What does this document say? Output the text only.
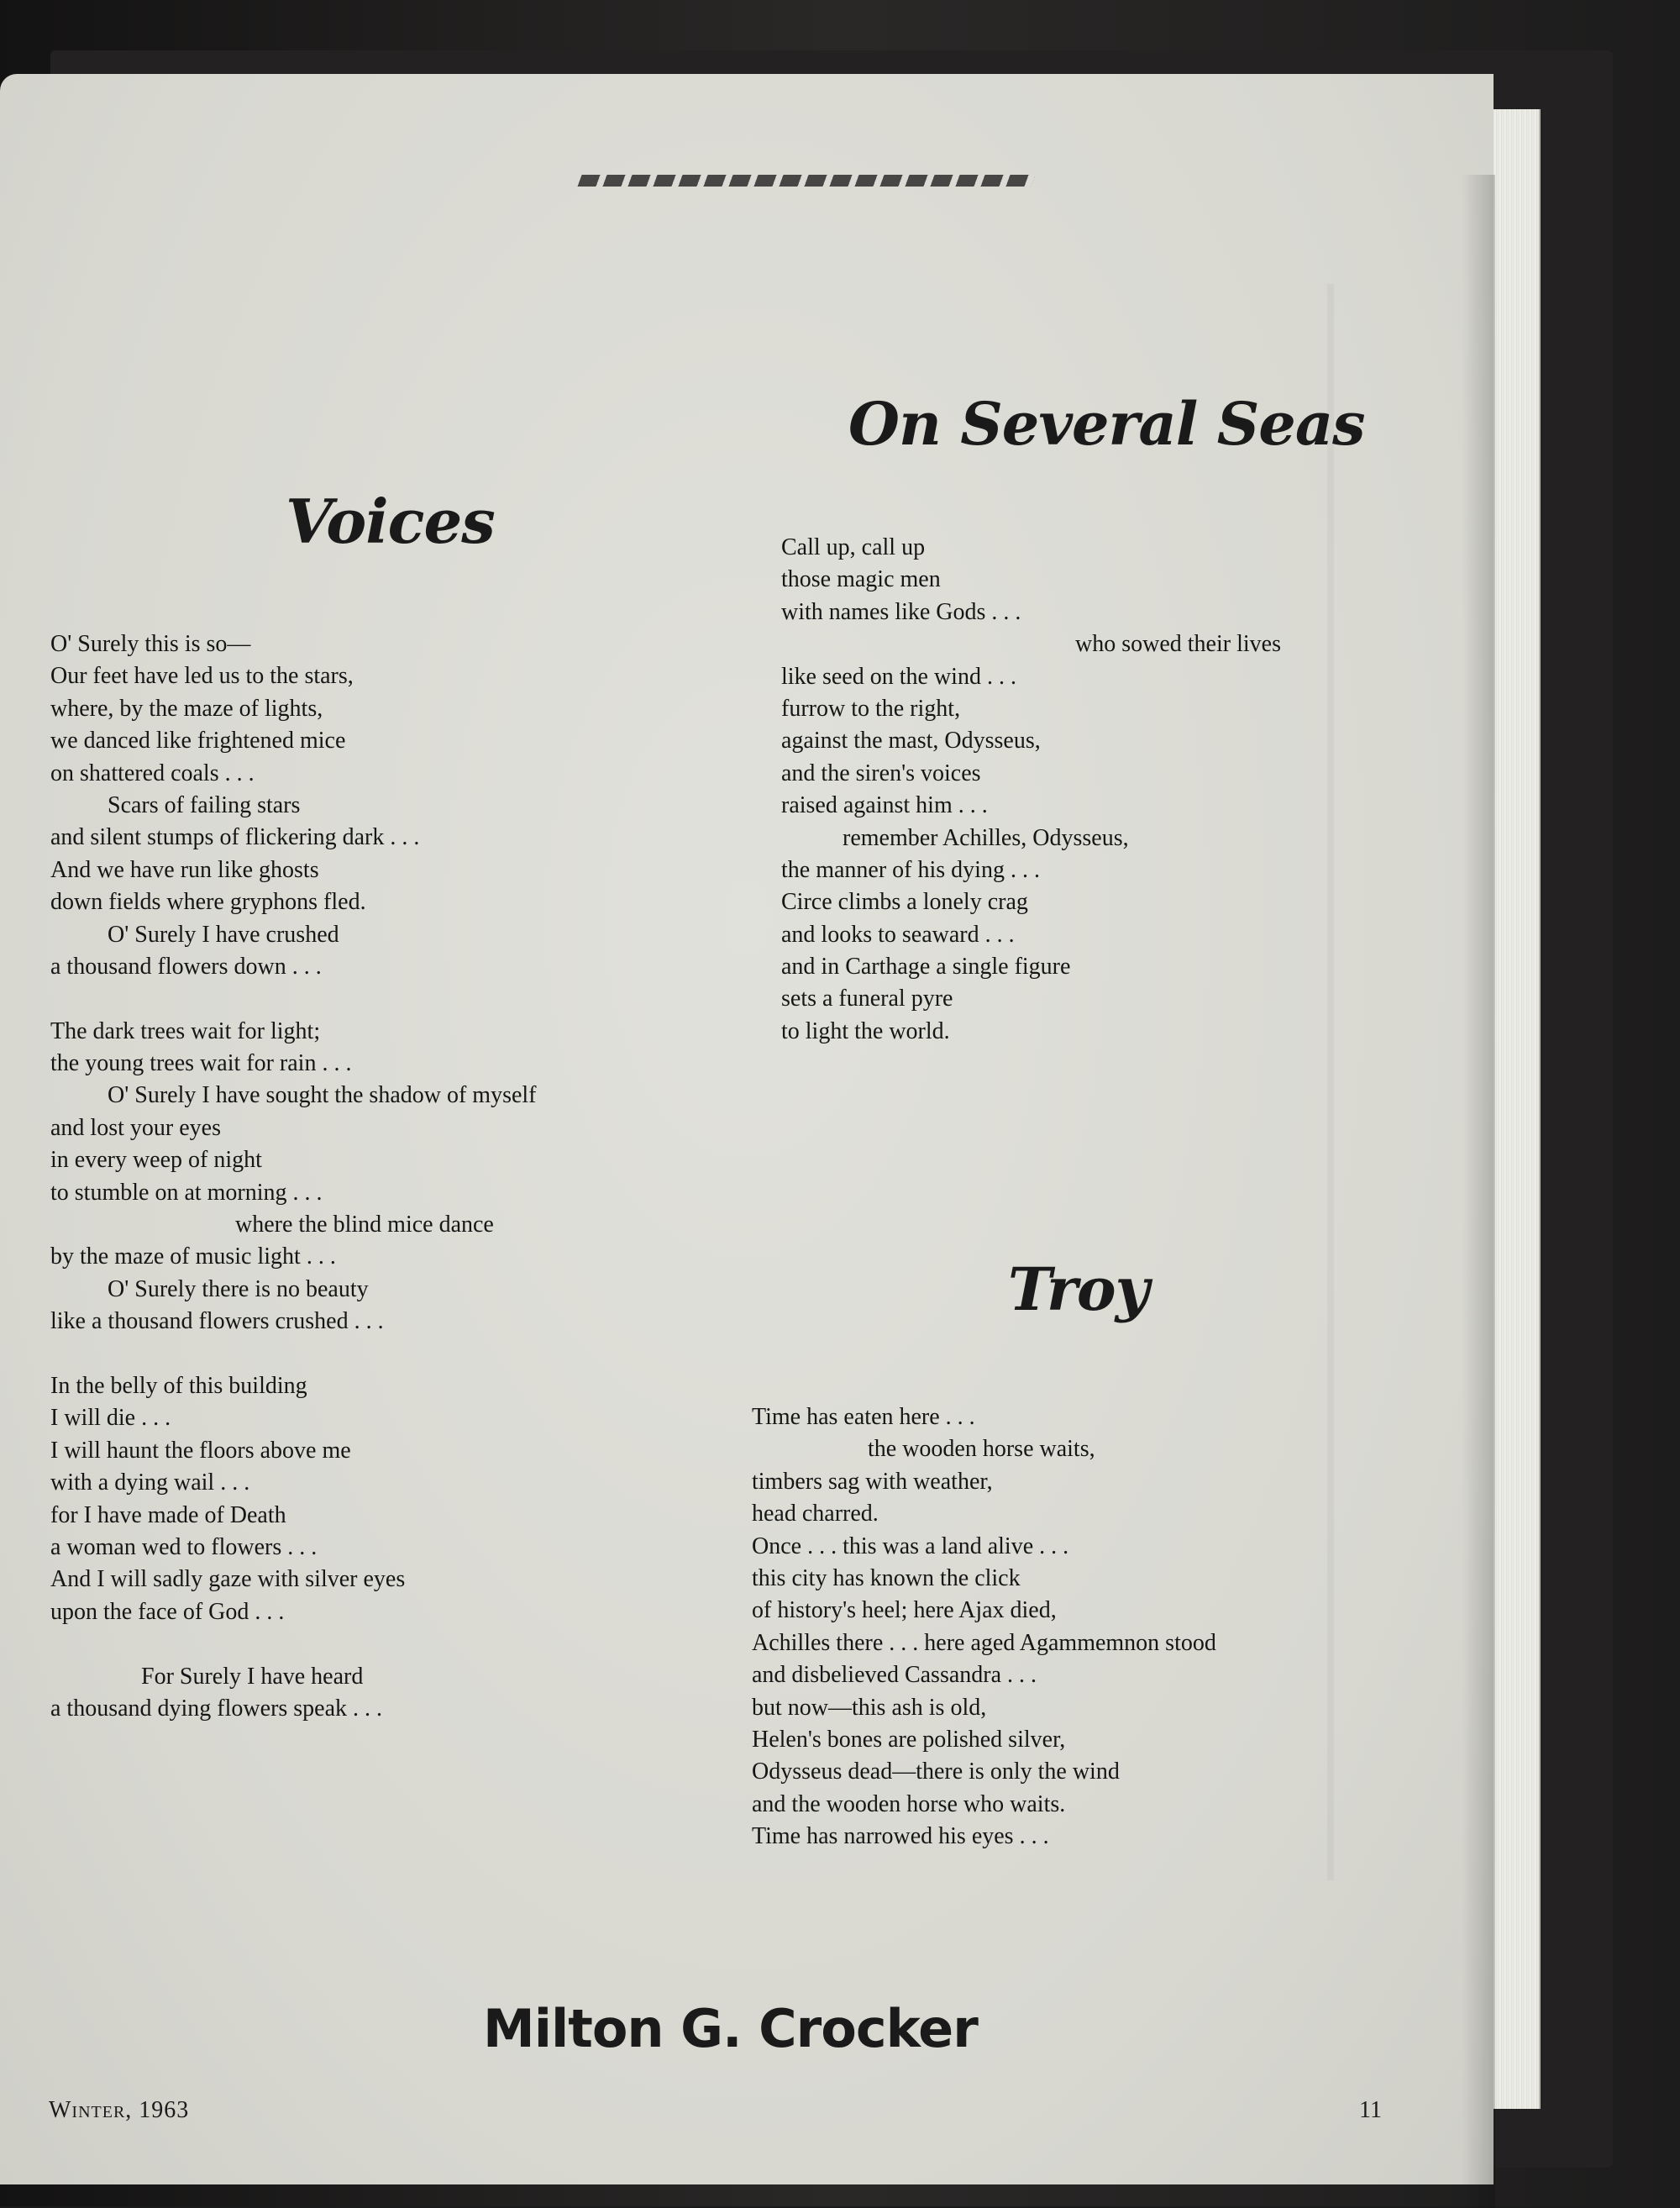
Voices
O' Surely this is so—
Our feet have led us to the stars,
where, by the maze of lights,
we danced like frightened mice
on shattered coals . . .
Scars of failing stars
and silent stumps of flickering dark . . .
And we have run like ghosts
down fields where gryphons fled.
O' Surely I have crushed
a thousand flowers down . . .
The dark trees wait for light;
the young trees wait for rain . . .
O' Surely I have sought the shadow of myself
and lost your eyes
in every weep of night
to stumble on at morning . . .
where the blind mice dance
by the maze of music light . . .
O' Surely there is no beauty
like a thousand flowers crushed . . .
In the belly of this building
I will die . . .
I will haunt the floors above me
with a dying wail . . .
for I have made of Death
a woman wed to flowers . . .
And I will sadly gaze with silver eyes
upon the face of God . . .
For Surely I have heard
a thousand dying flowers speak . . .
On Several Seas
Call up, call up
those magic men
with names like Gods . . .
who sowed their lives
like seed on the wind . . .
furrow to the right,
against the mast, Odysseus,
and the siren's voices
raised against him . . .
remember Achilles, Odysseus,
the manner of his dying . . .
Circe climbs a lonely crag
and looks to seaward . . .
and in Carthage a single figure
sets a funeral pyre
to light the world.
Troy
Time has eaten here . . .
the wooden horse waits,
timbers sag with weather,
head charred.
Once . . . this was a land alive . . .
this city has known the click
of history's heel; here Ajax died,
Achilles there . . . here aged Agammemnon stood
and disbelieved Cassandra . . .
but now—this ash is old,
Helen's bones are polished silver,
Odysseus dead—there is only the wind
and the wooden horse who waits.
Time has narrowed his eyes . . .
Milton G. Crocker
Winter, 1963	11
